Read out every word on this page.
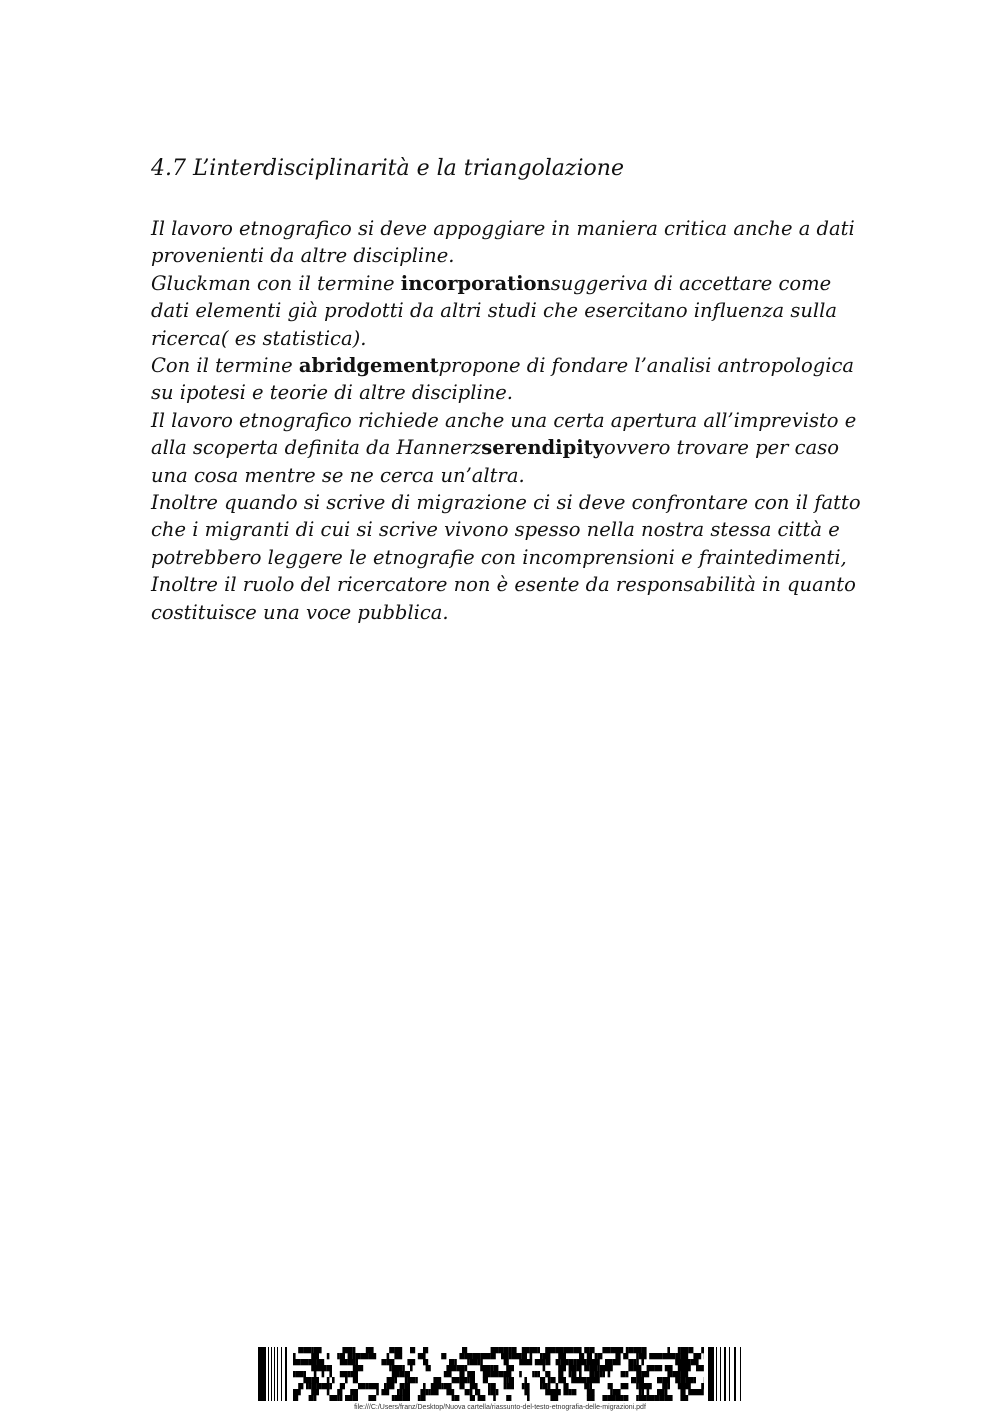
4.7 L’interdisciplinarità e la triangolazione
Il lavoro etnografico si deve appoggiare in maniera critica anche a dati
provenienti da altre discipline.
Gluckman con il termine incorporationsuggeriva di accettare come
dati elementi già prodotti da altri studi che esercitano influenza sulla
ricerca( es statistica).
Con il termine abridgementpropone di fondare l’analisi antropologica
su ipotesi e teorie di altre discipline.
Il lavoro etnografico richiede anche una certa apertura all’imprevisto e
alla scoperta definita da Hannerzserendipityovvero trovare per caso
una cosa mentre se ne cerca un’altra.
Inoltre quando si scrive di migrazione ci si deve confrontare con il fatto
che i migranti di cui si scrive vivono spesso nella nostra stessa città e
potrebbero leggere le etnografie con incomprensioni e fraintedimenti,
Inoltre il ruolo del ricercatore non è esente da responsabilità in quanto
costituisce una voce pubblica.
file:///C:/Users/franz/Desktop/Nuova cartella/riassunto-del-testo-etnografia-delle-migrazioni.pdf
